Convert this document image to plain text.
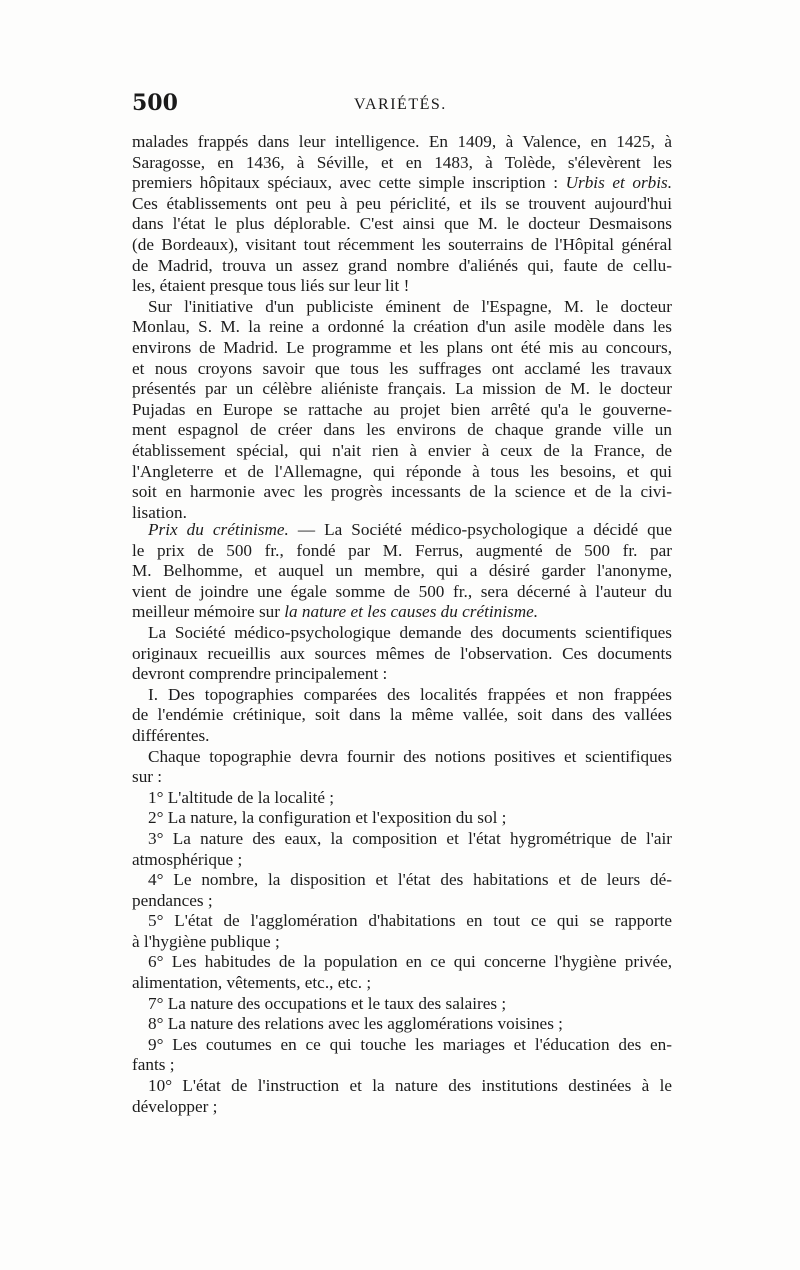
500	VARIÉTÉS.
malades frappés dans leur intelligence. En 1409, à Valence, en 1425, à
Saragosse, en 1436, à Séville, et en 1483, à Tolède, s'élevèrent les
premiers hôpitaux spéciaux, avec cette simple inscription : Urbis et orbis.
Ces établissements ont peu à peu périclité, et ils se trouvent aujourd'hui
dans l'état le plus déplorable. C'est ainsi que M. le docteur Desmaisons
(de Bordeaux), visitant tout récemment les souterrains de l'Hôpital général
de Madrid, trouva un assez grand nombre d'aliénés qui, faute de cellu-
les, étaient presque tous liés sur leur lit !
Sur l'initiative d'un publiciste éminent de l'Espagne, M. le docteur
Monlau, S. M. la reine a ordonné la création d'un asile modèle dans les
environs de Madrid. Le programme et les plans ont été mis au concours,
et nous croyons savoir que tous les suffrages ont acclamé les travaux
présentés par un célèbre aliéniste français. La mission de M. le docteur
Pujadas en Europe se rattache au projet bien arrêté qu'a le gouverne-
ment espagnol de créer dans les environs de chaque grande ville un
établissement spécial, qui n'ait rien à envier à ceux de la France, de
l'Angleterre et de l'Allemagne, qui réponde à tous les besoins, et qui
soit en harmonie avec les progrès incessants de la science et de la civi-
lisation.
Prix du crétinisme. — La Société médico-psychologique a décidé que
le prix de 500 fr., fondé par M. Ferrus, augmenté de 500 fr. par
M. Belhomme, et auquel un membre, qui a désiré garder l'anonyme,
vient de joindre une égale somme de 500 fr., sera décerné à l'auteur du
meilleur mémoire sur la nature et les causes du crétinisme.
La Société médico-psychologique demande des documents scientifiques
originaux recueillis aux sources mêmes de l'observation. Ces documents
devront comprendre principalement :
I. Des topographies comparées des localités frappées et non frappées
de l'endémie crétinique, soit dans la même vallée, soit dans des vallées
différentes.
Chaque topographie devra fournir des notions positives et scientifiques
sur :
1° L'altitude de la localité ;
2° La nature, la configuration et l'exposition du sol ;
3° La nature des eaux, la composition et l'état hygrométrique de l'air
atmosphérique ;
4° Le nombre, la disposition et l'état des habitations et de leurs dé-
pendances ;
5° L'état de l'agglomération d'habitations en tout ce qui se rapporte
à l'hygiène publique ;
6° Les habitudes de la population en ce qui concerne l'hygiène privée,
alimentation, vêtements, etc., etc. ;
7° La nature des occupations et le taux des salaires ;
8° La nature des relations avec les agglomérations voisines ;
9° Les coutumes en ce qui touche les mariages et l'éducation des en-
fants ;
10° L'état de l'instruction et la nature des institutions destinées à le
développer ;
